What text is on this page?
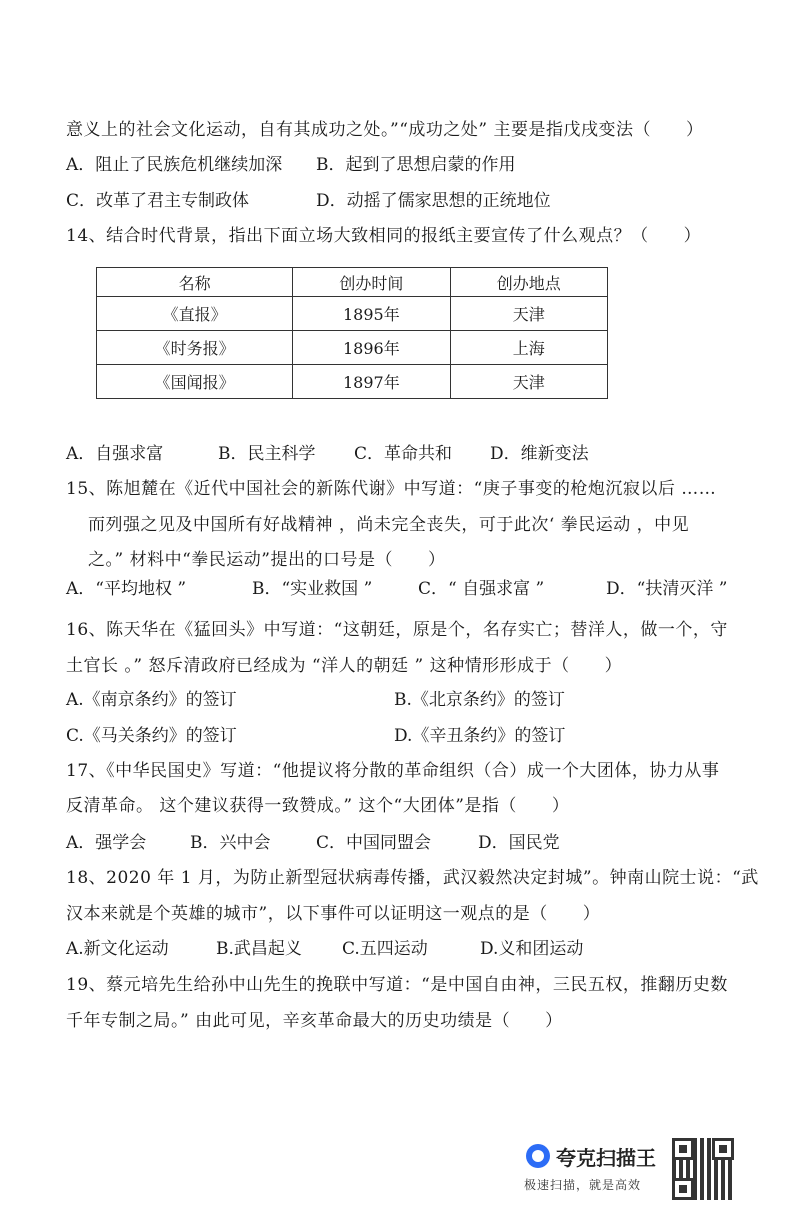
意义上的社会文化运动，自有其成功之处。”“成功之处” 主要是指戊戌变法（　　）
A．阻止了民族危机继续加深 B．起到了思想启蒙的作用
C．改革了君主专制政体	D．动摇了儒家思想的正统地位
14、结合时代背景，指出下面立场大致相同的报纸主要宣传了什么观点？（　　）
名称	创办时间	创办地点
《直报》	1895年	天津
《时务报》	1896年	上海
《国闻报》	1897年	天津
A．自强求富	B．民主科学 C．革命共和 D．维新变法
15、陈旭麓在《近代中国社会的新陈代谢》中写道：“庚子事变的枪炮沉寂以后 ……
而列强之见及中国所有好战精神 ，尚未完全丧失，可于此次‘ 拳民运动 ，中见
之。” 材料中“拳民运动”提出的口号是（　　）
A．“平均地权 ”	B．“实业救国 ”	C．“ 自强求富 ”	D．“扶清灭洋 ”
16、陈天华在《猛回头》中写道：“这朝廷，原是个，名存实亡；替洋人，做一个，守
土官长 。” 怒斥清政府已经成为 “洋人的朝廷 ” 这种情形形成于（　　）
A.《南京条约》的签订	B.《北京条约》的签订
C.《马关条约》的签订	D.《辛丑条约》的签订
17、《中华民国史》写道：“他提议将分散的革命组织（合）成一个大团体，协力从事
反清革命。 这个建议获得一致赞成。” 这个“大团体”是指（　　）
A．强学会	B．兴中会	C．中国同盟会	D．国民党
18、2020 年 1 月，为防止新型冠状病毒传播，武汉毅然决定封城”。钟南山院士说：“武
汉本来就是个英雄的城市”，以下事件可以证明这一观点的是（　　）
A.新文化运动	B.武昌起义 C.五四运动	D.义和团运动
19、蔡元培先生给孙中山先生的挽联中写道：“是中国自由神，三民五权，推翻历史数
千年专制之局。” 由此可见，辛亥革命最大的历史功绩是（　　）
夸克扫描王
极速扫描，就是高效
